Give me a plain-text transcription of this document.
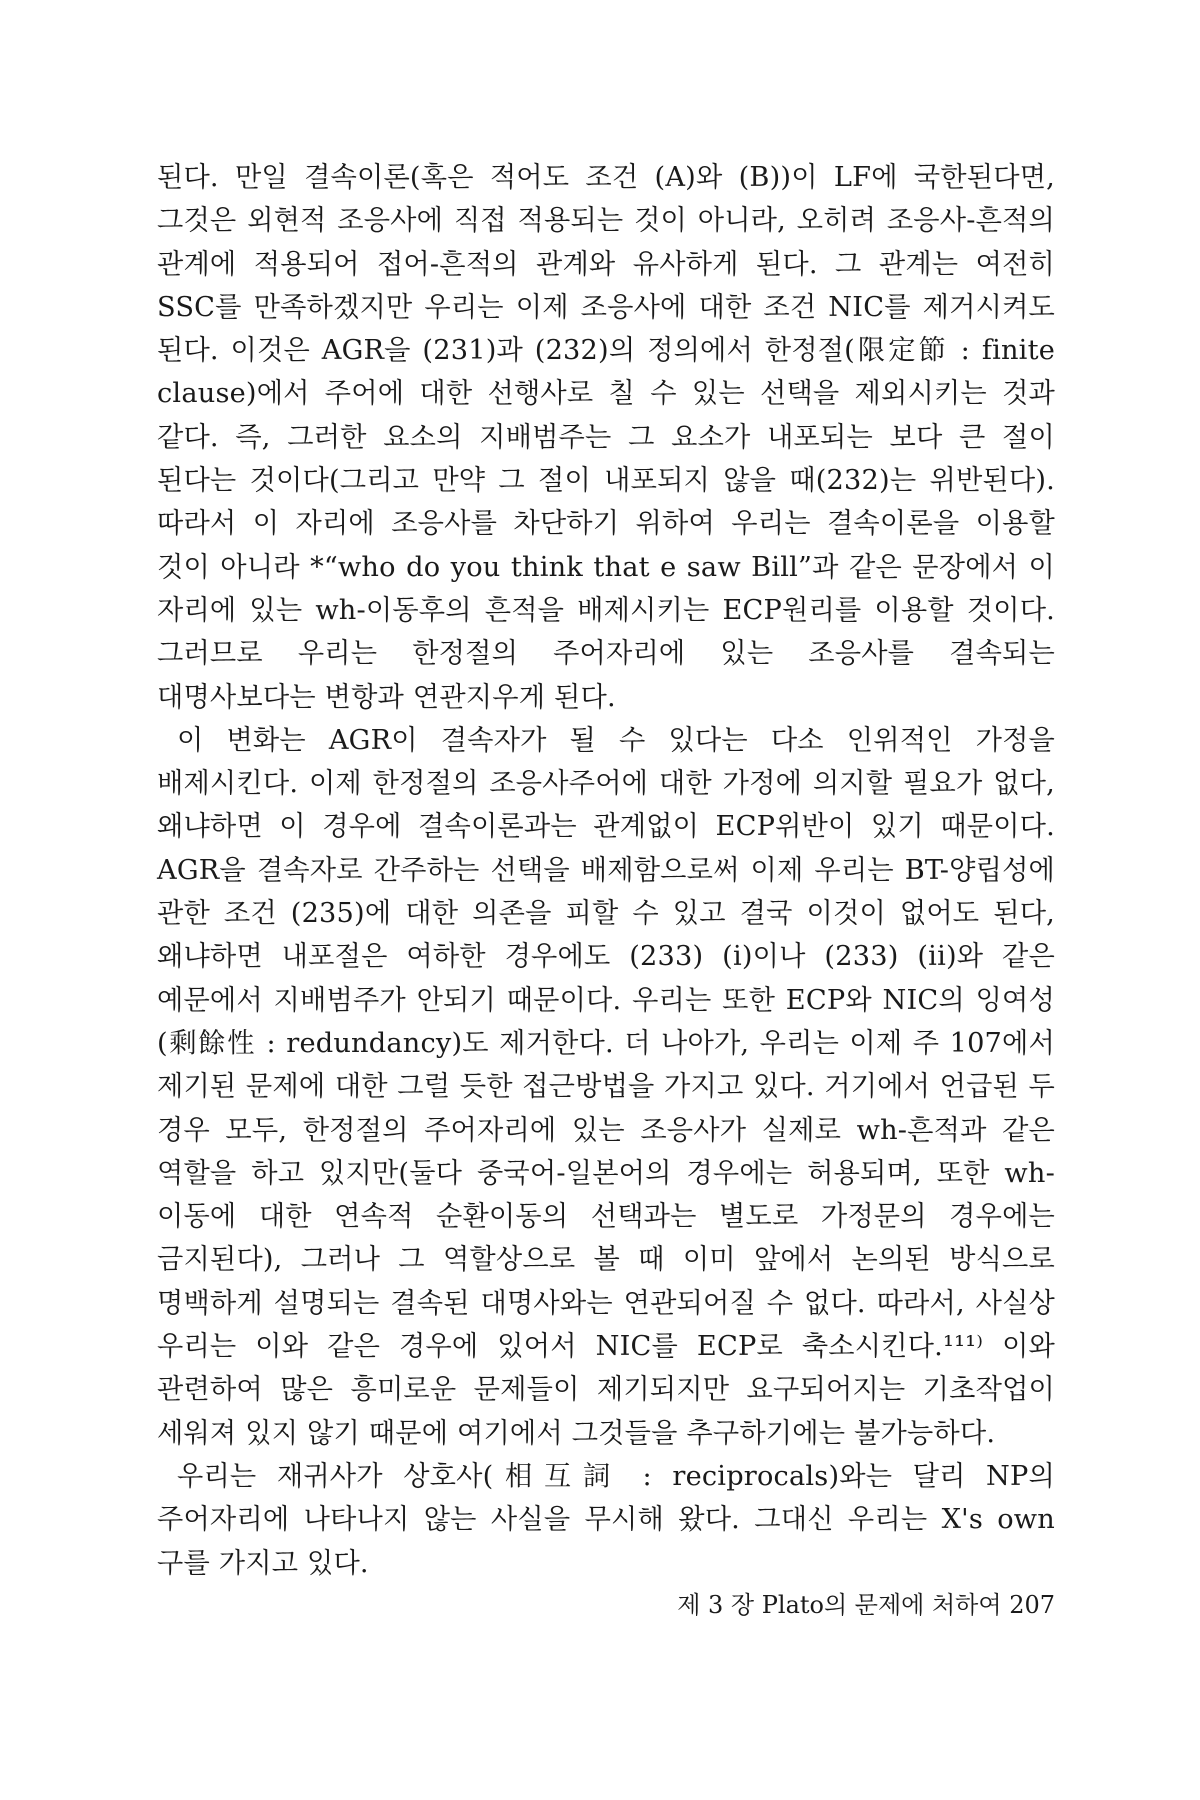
된다. 만일 결속이론(혹은 적어도 조건 (A)와 (B))이 LF에 국한된다면, 그것은 외현적 조응사에 직접 적용되는 것이 아니라, 오히려 조응사-흔적의 관계에 적용되어 접어-흔적의 관계와 유사하게 된다. 그 관계는 여전히 SSC를 만족하겠지만 우리는 이제 조응사에 대한 조건 NIC를 제거시켜도 된다. 이것은 AGR을 (231)과 (232)의 정의에서 한정절(限定節 : finite clause)에서 주어에 대한 선행사로 칠 수 있는 선택을 제외시키는 것과 같다. 즉, 그러한 요소의 지배범주는 그 요소가 내포되는 보다 큰 절이 된다는 것이다(그리고 만약 그 절이 내포되지 않을 때(232)는 위반된다). 따라서 이 자리에 조응사를 차단하기 위하여 우리는 결속이론을 이용할 것이 아니라 *“who do you think that e saw Bill”과 같은 문장에서 이 자리에 있는 wh-이동후의 흔적을 배제시키는 ECP원리를 이용할 것이다. 그러므로 우리는 한정절의 주어자리에 있는 조응사를 결속되는 대명사보다는 변항과 연관지우게 된다.

이 변화는 AGR이 결속자가 될 수 있다는 다소 인위적인 가정을 배제시킨다. 이제 한정절의 조응사주어에 대한 가정에 의지할 필요가 없다, 왜냐하면 이 경우에 결속이론과는 관계없이 ECP위반이 있기 때문이다. AGR을 결속자로 간주하는 선택을 배제함으로써 이제 우리는 BT-양립성에 관한 조건 (235)에 대한 의존을 피할 수 있고 결국 이것이 없어도 된다, 왜냐하면 내포절은 여하한 경우에도 (233) (i)이나 (233) (ii)와 같은 예문에서 지배범주가 안되기 때문이다. 우리는 또한 ECP와 NIC의 잉여성(剩餘性 : redundancy)도 제거한다. 더 나아가, 우리는 이제 주 107에서 제기된 문제에 대한 그럴 듯한 접근방법을 가지고 있다. 거기에서 언급된 두 경우 모두, 한정절의 주어자리에 있는 조응사가 실제로 wh-흔적과 같은 역할을 하고 있지만(둘다 중국어-일본어의 경우에는 허용되며, 또한 wh-이동에 대한 연속적 순환이동의 선택과는 별도로 가정문의 경우에는 금지된다), 그러나 그 역할상으로 볼 때 이미 앞에서 논의된 방식으로 명백하게 설명되는 결속된 대명사와는 연관되어질 수 없다. 따라서, 사실상 우리는 이와 같은 경우에 있어서 NIC를 ECP로 축소시킨다.¹¹¹⁾ 이와 관련하여 많은 흥미로운 문제들이 제기되지만 요구되어지는 기초작업이 세워져 있지 않기 때문에 여기에서 그것들을 추구하기에는 불가능하다.

우리는 재귀사가 상호사(相互詞 : reciprocals)와는 달리 NP의 주어자리에 나타나지 않는 사실을 무시해 왔다. 그대신 우리는 X's own 구를 가지고 있다.

제 3 장 Plato의 문제에 처하여 207
